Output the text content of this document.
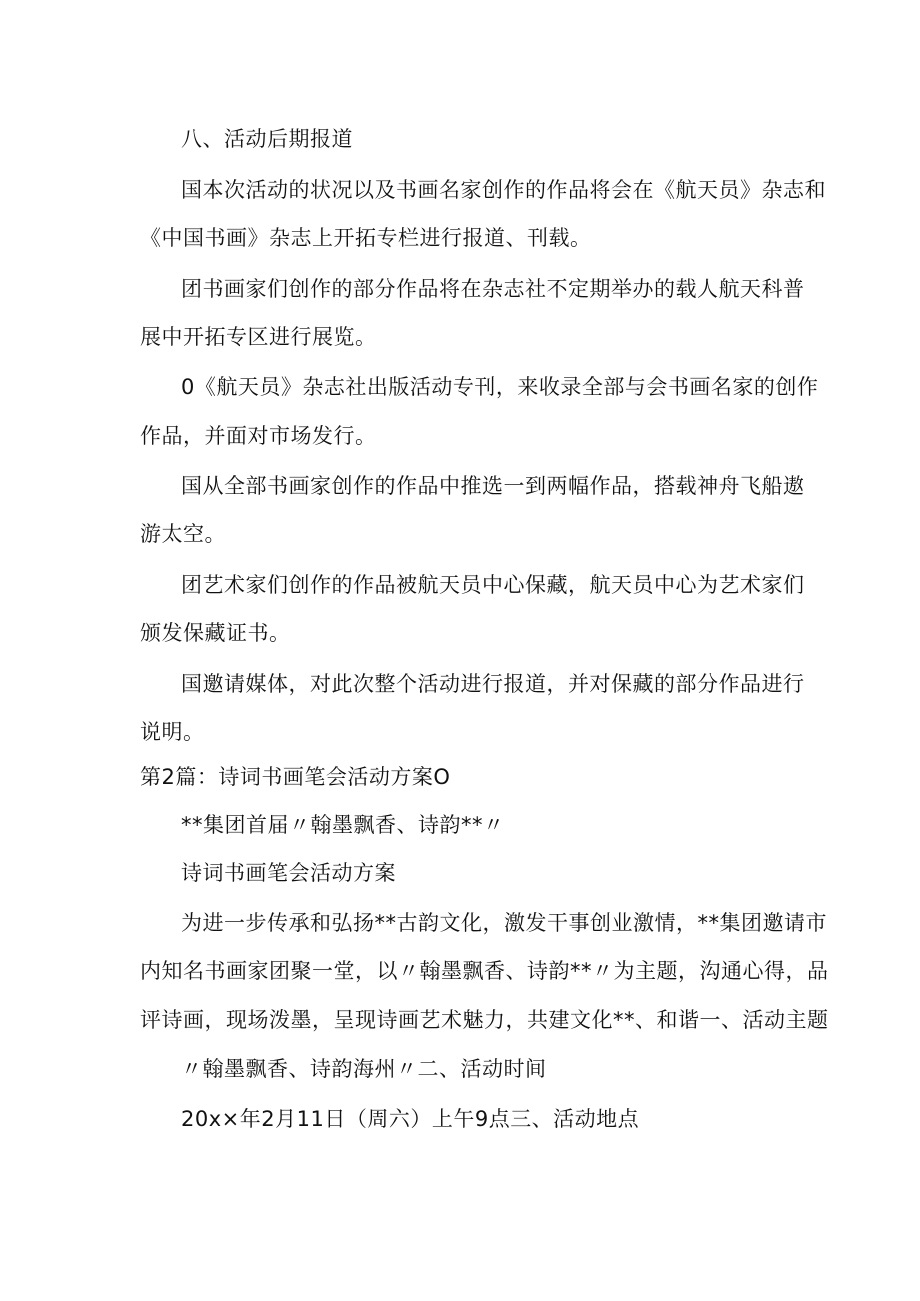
八、活动后期报道
国本次活动的状况以及书画名家创作的作品将会在《航天员》杂志和
《中国书画》杂志上开拓专栏进行报道、刊载。
团书画家们创作的部分作品将在杂志社不定期举办的载人航天科普
展中开拓专区进行展览。
0《航天员》杂志社出版活动专刊，来收录全部与会书画名家的创作
作品，并面对市场发行。
国从全部书画家创作的作品中推选一到两幅作品，搭载神舟飞船遨
游太空。
团艺术家们创作的作品被航天员中心保藏，航天员中心为艺术家们
颁发保藏证书。
国邀请媒体，对此次整个活动进行报道，并对保藏的部分作品进行
说明。
第2篇：诗词书画笔会活动方案O
**集团首届〃翰墨飘香、诗韵**〃
诗词书画笔会活动方案
为进一步传承和弘扬**古韵文化，激发干事创业激情，**集团邀请市
内知名书画家团聚一堂，以〃翰墨飘香、诗韵**〃为主题，沟通心得，品
评诗画，现场泼墨，呈现诗画艺术魅力，共建文化**、和谐一、活动主题
〃翰墨飘香、诗韵海州〃二、活动时间
20x×年2月11日（周六）上午9点三、活动地点
